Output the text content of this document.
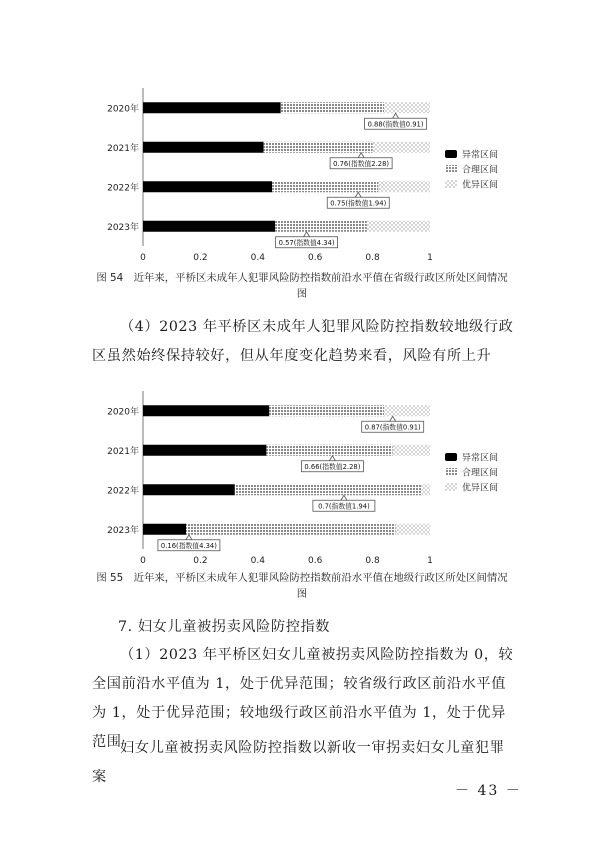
2020年
0.88(指数值0.91)
2021年
0.76(指数值2.28)
2022年
0.75(指数值1.94)
2023年
0.57(指数值4.34)
0	0.2	0.4	0.6	0.8	1
异常区间
合理区间
优异区间
图 54　近年来，平桥区未成年人犯罪风险防控指数前沿水平值在省级行政区所处区间情况图

（4）2023 年平桥区未成年人犯罪风险防控指数较地级行政区虽然始终保持较好，但从年度变化趋势来看，风险有所上升

2020年
0.87(指数值0.91)
2021年
0.66(指数值2.28)
2022年
0.7(指数值1.94)
2023年
0.16(指数值4.34)
0	0.2	0.4	0.6	0.8	1
异常区间
合理区间
优异区间
图 55　近年来，平桥区未成年人犯罪风险防控指数前沿水平值在地级行政区所处区间情况图
7. 妇女儿童被拐卖风险防控指数

（1）2023 年平桥区妇女儿童被拐卖风险防控指数为 0，较全国前沿水平值为 1，处于优异范围；较省级行政区前沿水平值为 1，处于优异范围；较地级行政区前沿水平值为 1，处于优异范围

妇女儿童被拐卖风险防控指数以新收一审拐卖妇女儿童犯罪案

－ 43 －
